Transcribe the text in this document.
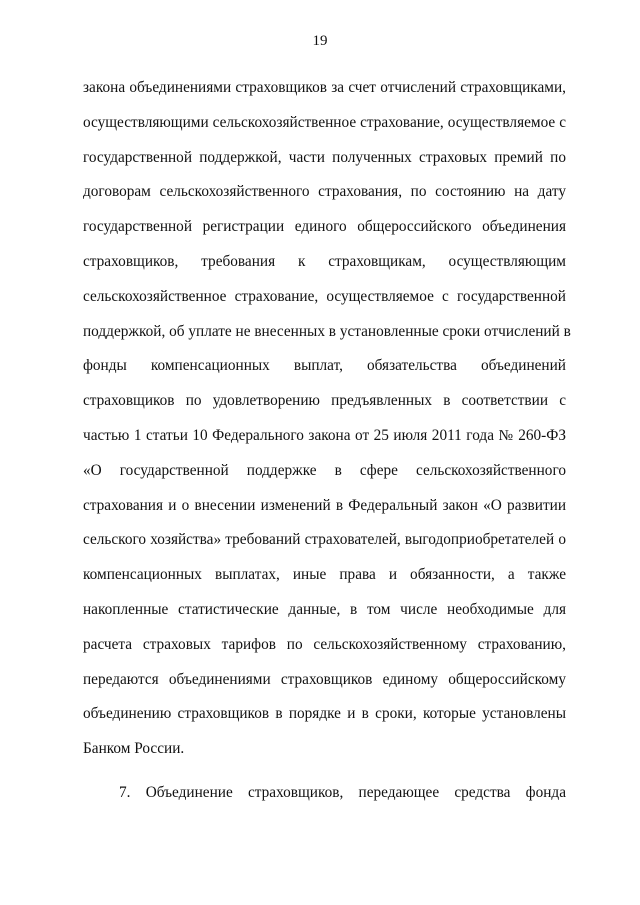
19
закона объединениями страховщиков за счет отчислений страховщиками,
осуществляющими сельскохозяйственное страхование, осуществляемое с
государственной поддержкой, части полученных страховых премий по
договорам сельскохозяйственного страхования, по состоянию на дату
государственной регистрации единого общероссийского объединения
страховщиков, требования к страховщикам, осуществляющим
сельскохозяйственное страхование, осуществляемое с государственной
поддержкой, об уплате не внесенных в установленные сроки отчислений в
фонды компенсационных выплат, обязательства объединений
страховщиков по удовлетворению предъявленных в соответствии с
частью 1 статьи 10 Федерального закона от 25 июля 2011 года № 260-ФЗ
«О государственной поддержке в сфере сельскохозяйственного
страхования и о внесении изменений в Федеральный закон «О развитии
сельского хозяйства» требований страхователей, выгодоприобретателей о
компенсационных выплатах, иные права и обязанности, а также
накопленные статистические данные, в том числе необходимые для
расчета страховых тарифов по сельскохозяйственному страхованию,
передаются объединениями страховщиков единому общероссийскому
объединению страховщиков в порядке и в сроки, которые установлены
Банком России.
7. Объединение страховщиков, передающее средства фонда
